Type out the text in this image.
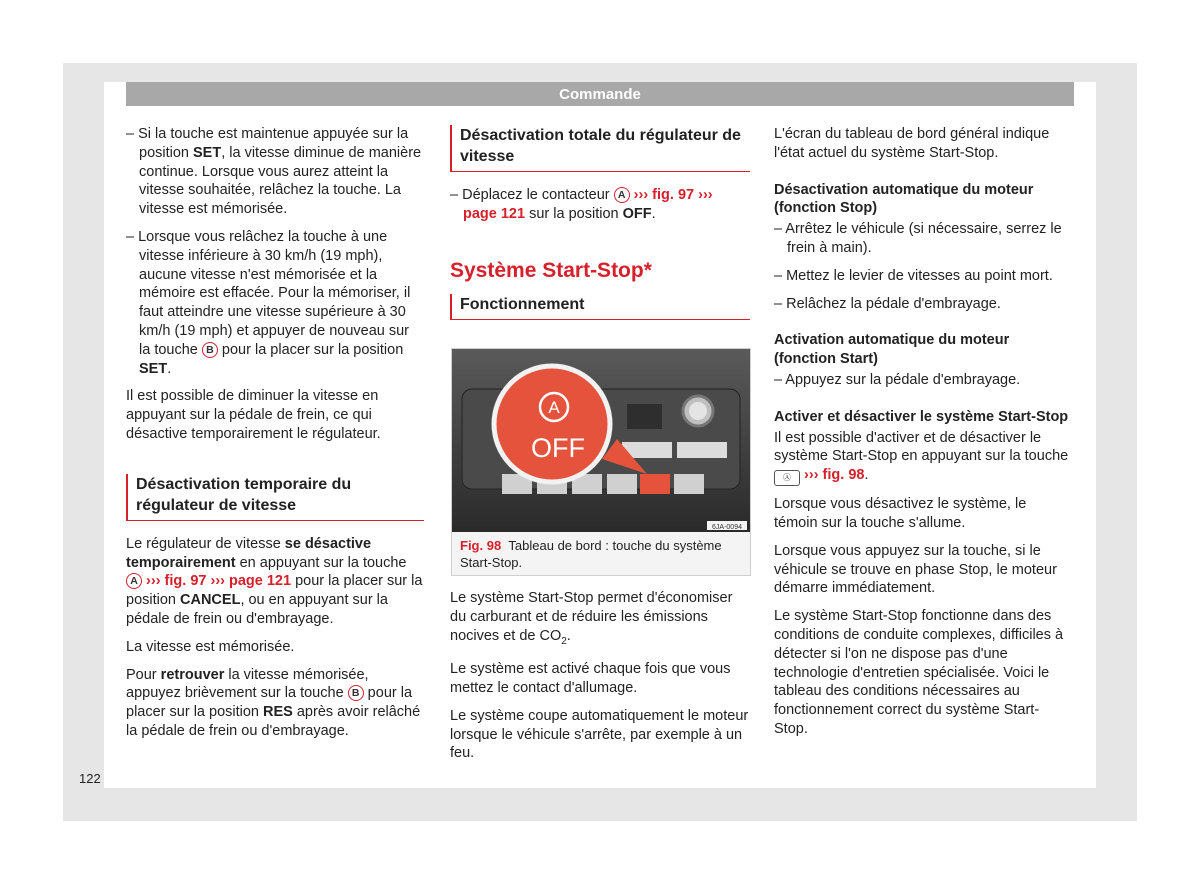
Commande

– Si la touche est maintenue appuyée sur la position SET, la vitesse diminue de manière continue. Lorsque vous aurez atteint la vitesse souhaitée, relâchez la touche. La vitesse est mémorisée.

– Lorsque vous relâchez la touche à une vitesse inférieure à 30 km/h (19 mph), aucune vitesse n'est mémorisée et la mémoire est effacée. Pour la mémoriser, il faut atteindre une vitesse supérieure à 30 km/h (19 mph) et appuyer de nouveau sur la touche B pour la placer sur la position SET.

Il est possible de diminuer la vitesse en appuyant sur la pédale de frein, ce qui désactive temporairement le régulateur.

Désactivation temporaire du régulateur de vitesse

Le régulateur de vitesse se désactive temporairement en appuyant sur la touche A ››› fig. 97 ››› page 121 pour la placer sur la position CANCEL, ou en appuyant sur la pédale de frein ou d'embrayage.

La vitesse est mémorisée.

Pour retrouver la vitesse mémorisée, appuyez brièvement sur la touche B pour la placer sur la position RES après avoir relâché la pédale de frein ou d'embrayage.

Désactivation totale du régulateur de vitesse

– Déplacez le contacteur A ››› fig. 97 ››› page 121 sur la position OFF.

Système Start-Stop*
Fonctionnement
A
OFF
6JA-0094
Fig. 98 Tableau de bord : touche du système Start-Stop.

Le système Start-Stop permet d'économiser du carburant et de réduire les émissions nocives et de $CO_2$.

Le système est activé chaque fois que vous mettez le contact d'allumage.

Le système coupe automatiquement le moteur lorsque le véhicule s'arrête, par exemple à un feu.

L'écran du tableau de bord général indique l'état actuel du système Start-Stop.

Désactivation automatique du moteur (fonction Stop)

– Arrêtez le véhicule (si nécessaire, serrez le frein à main).

– Mettez le levier de vitesses au point mort.

– Relâchez la pédale d'embrayage.

Activation automatique du moteur (fonction Start)

– Appuyez sur la pédale d'embrayage.

Activer et désactiver le système Start-Stop

Il est possible d'activer et de désactiver le système Start-Stop en appuyant sur la touche Ⓐ ››› fig. 98.

Lorsque vous désactivez le système, le témoin sur la touche s'allume.

Lorsque vous appuyez sur la touche, si le véhicule se trouve en phase Stop, le moteur démarre immédiatement.

Le système Start-Stop fonctionne dans des conditions de conduite complexes, difficiles à détecter si l'on ne dispose pas d'une technologie d'entretien spécialisée. Voici le tableau des conditions nécessaires au fonctionnement correct du système Start-Stop.

122
